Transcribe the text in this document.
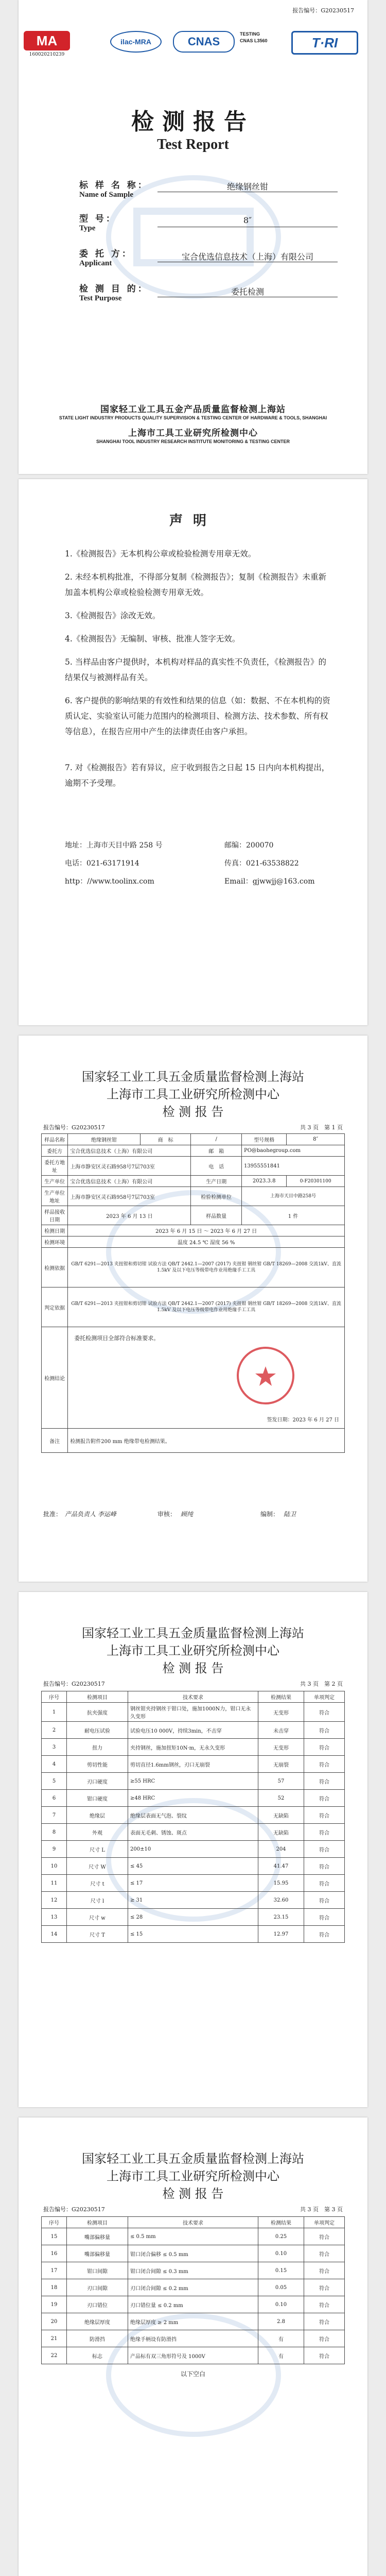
报告编号：G20230517
MA
160020210239
ilac-MRA	CNAS
TESTING
CNAS L3560	T·RI
检测报告
Test Report
标 样 名 称：
Name of Sample
绝缘钢丝钳
型 号：
Type
8″
委 托 方：
Applicant
宝合优选信息技术（上海）有限公司
检 测 目 的：
Test Purpose
委托检测
国家轻工业工具五金产品质量监督检测上海站
STATE LIGHT INDUSTRY PRODUCTS QUALITY SUPERVISION & TESTING CENTER OF HARDWARE & TOOLS, SHANGHAI
上海市工具工业研究所检测中心
SHANGHAI TOOL INDUSTRY RESEARCH INSTITUTE MONITORING & TESTING CENTER
声明
1.《检测报告》无本机构公章或检验检测专用章无效。
2. 未经本机构批准，不得部分复制《检测报告》；复制《检测报告》未重新加盖本机构公章或检验检测专用章无效。
3.《检测报告》涂改无效。
4.《检测报告》无编制、审核、批准人签字无效。
5. 当样品由客户提供时，本机构对样品的真实性不负责任，《检测报告》的结果仅与被测样品有关。
6. 客户提供的影响结果的有效性和结果的信息（如：数据、不在本机构的资质认定、实验室认可能力范围内的检测项目、检测方法、技术参数、所有权等信息），在报告应用中产生的法律责任由客户承担。
7. 对《检测报告》若有异议，应于收到报告之日起 15 日内向本机构提出，逾期不予受理。
地址：上海市天目中路 258 号	邮编：200070
电话：021-63171914	传真：021-63538822
http：//www.toolinx.com	Email：gjwwjj@163.com
国家轻工业工具五金质量监督检测上海站
上海市工具工业研究所检测中心
检 测 报 告
报告编号：G20230517	共 3 页　第 1 页
样品名称	绝缘钢丝钳	商　标	/	型号规格	8″
委托方	宝合优选信息技术（上海）有限公司		邮　箱	PO@baohegroup.com	
委托方地址	上海市静安区灵石路958号7层703室		电　话	13955551841	
生产单位	宝合优选信息技术（上海）有限公司		生产日期	2023.3.8	0-F20301100
生产单位地址	上海市静安区灵石路958号7层703室		检验检测单位	上海市天目中路258号	
样品接收日期	2023 年 6 月 13 日		样品数量	1 件	
检测日期	2023 年 6 月 15 日 ～ 2023 年 6 月 27 日				
检测环境	温度 24.5 ℃ 湿度 56 %				
检测依据	GB/T 6291—2013 夹扭钳和剪切钳 试验方法 QB/T 2442.1—2007 (2017) 夹扭钳 钢丝钳 GB/T 18269—2008 交流1kV、直流1.5kV 及以下电压等级带电作业用绝缘手工工具				
判定依据	GB/T 6291—2013 夹扭钳和剪切钳 试验方法 QB/T 2442.1—2007 (2017) 夹扭钳 钢丝钳 GB/T 18269—2008 交流1kV、直流1.5kV 及以下电压等级带电作业用绝缘手工工具				
检测结论	委托检测项目全部符合标准要求。
签发日期：2023 年 6 月 27 日				

备注	检测报告附件200 mm 绝缘带电检测结果。				
批准： 产品负责人 李运峰	审核： 顾纯	编制： 陆卫
国家轻工业工具五金质量监督检测上海站
上海市工具工业研究所检测中心
检 测 报 告
报告编号：G20230517	共 3 页　第 2 页
序号	检测项目	技术要求	检测结果	单项判定
1	抗夹强度	钢丝钳夹持钢丝于钳口处，施加1000N力，钳口无永久变形	无变形	符合
2	耐电压试验	试验电压10 000V，持续3min，不击穿	未击穿	符合
3	扭力	夹持钢丝，施加扭矩10N·m，无永久变形	无变形	符合
4	剪切性能	剪切直径1.6mm钢丝，刃口无崩裂	无崩裂	符合
5	刃口硬度	≥55 HRC	57	符合
6	钳口硬度	≥48 HRC	52	符合
7	绝缘层	绝缘层表面无气泡、裂纹	无缺陷	符合
8	外观	表面无毛刺、锈蚀、斑点	无缺陷	符合
9	尺寸 L	200±10	204	符合
10	尺寸 W	≤ 45	41.47	符合
11	尺寸 t	≤ 17	15.95	符合
12	尺寸 l	≥ 31	32.60	符合
13	尺寸 w	≤ 28	23.15	符合
14	尺寸 T	≤ 15	12.97	符合
国家轻工业工具五金质量监督检测上海站
上海市工具工业研究所检测中心
检 测 报 告
报告编号：G20230517	共 3 页　第 3 页
序号	检测项目	技术要求	检测结果	单项判定
15	嘴部偏移量	≤ 0.5 mm	0.25	符合
16	嘴部偏移量	钳口闭合偏移 ≤ 0.5 mm	0.10	符合
17	钳口间隙	钳口闭合间隙 ≤ 0.3 mm	0.15	符合
18	刃口间隙	刃口闭合间隙 ≤ 0.2 mm	0.05	符合
19	刃口错位	刃口错位量 ≤ 0.2 mm	0.10	符合
20	绝缘层厚度	绝缘层厚度 ≥ 2 mm	2.8	符合
21	防滑挡	绝缘手柄设有防滑挡	有	符合
22	标志	产品标有双三角形符号及 1000V	有	符合
以下空白
